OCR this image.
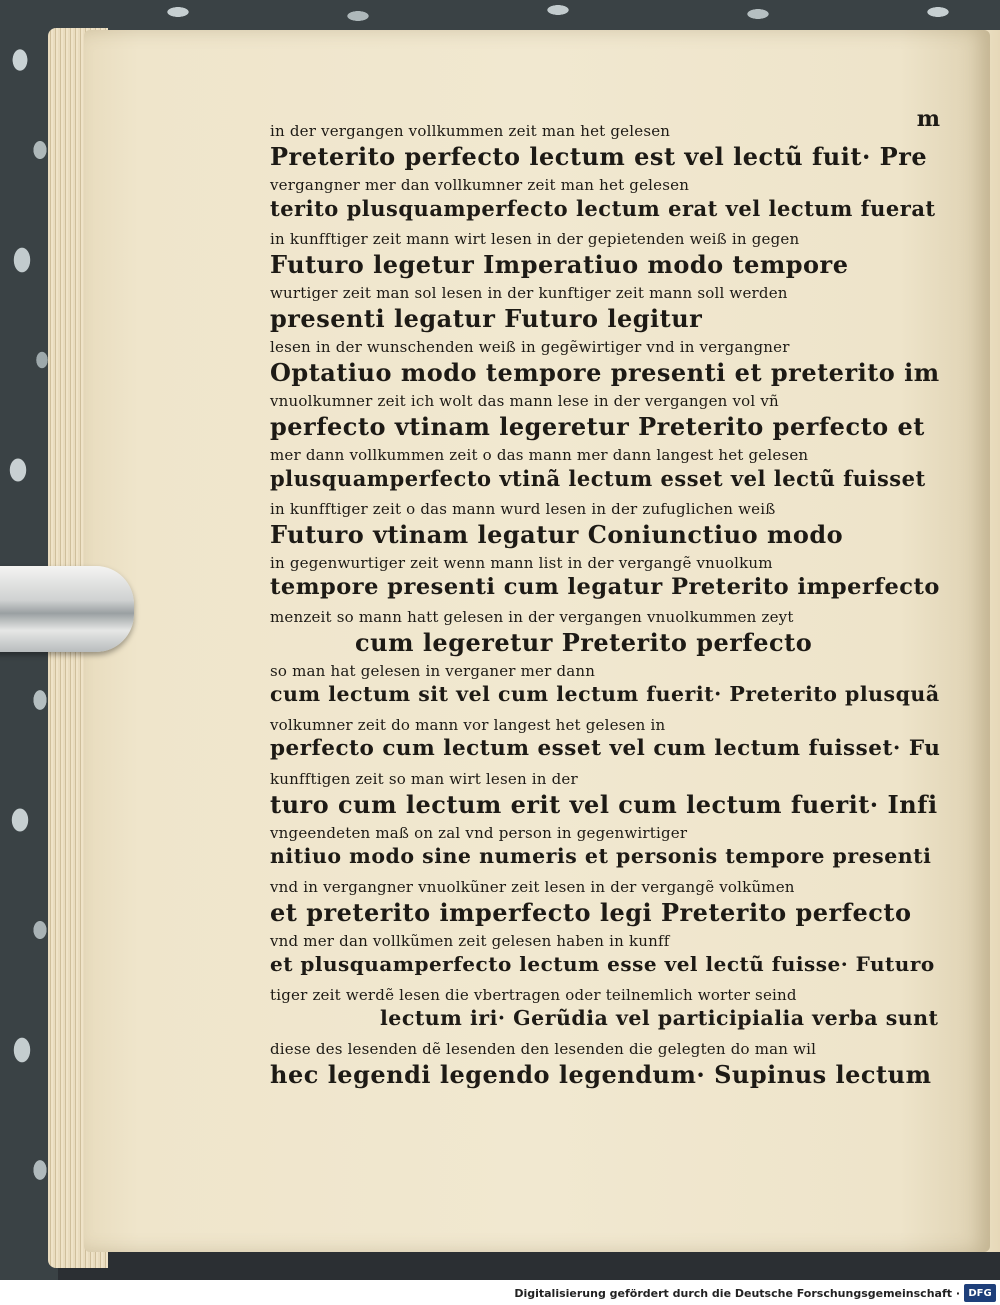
m

in der vergangen vollkummen zeit man het gelesen

Preterito perfecto lectum est vel lectũ fuit· Pre

vergangner mer dan vollkumner zeit man het gelesen

terito plusquamperfecto lectum erat vel lectum fuerat

in kunfftiger zeit mann wirt lesen in der gepietenden weiß in gegen

Futuro legetur Imperatiuo modo tempore

wurtiger zeit man sol lesen in der kunftiger zeit mann soll werden

presenti legatur Futuro legitur

lesen in der wunschenden weiß in gegẽwirtiger vnd in vergangner

Optatiuo modo tempore presenti et preterito im

vnuolkumner zeit ich wolt das mann lese in der vergangen vol vñ

perfecto vtinam legeretur Preterito perfecto et

mer dann vollkummen zeit o das mann mer dann langest het gelesen

plusquamperfecto vtinã lectum esset vel lectũ fuisset

in kunfftiger zeit o das mann wurd lesen in der zufuglichen weiß

Futuro vtinam legatur Coniunctiuo modo

in gegenwurtiger zeit wenn mann list in der vergangẽ vnuolkum

tempore presenti cum legatur Preterito imperfecto

menzeit so mann hatt gelesen in der vergangen vnuolkummen zeyt

cum legeretur Preterito perfecto

so man hat gelesen in verganer mer dann

cum lectum sit vel cum lectum fuerit· Preterito plusquã

volkumner zeit do mann vor langest het gelesen in

perfecto cum lectum esset vel cum lectum fuisset· Fu

kunfftigen zeit so man wirt lesen in der

turo cum lectum erit vel cum lectum fuerit· Infi

vngeendeten maß on zal vnd person in gegenwirtiger

nitiuo modo sine numeris et personis tempore presenti

vnd in vergangner vnuolkũner zeit lesen in der vergangẽ volkũmen

et preterito imperfecto legi Preterito perfecto

vnd mer dan vollkũmen zeit gelesen haben in kunff

et plusquamperfecto lectum esse vel lectũ fuisse· Futuro

tiger zeit werdẽ lesen die vbertragen oder teilnemlich worter seind

lectum iri· Gerũdia vel participialia verba sunt

diese des lesenden dẽ lesenden den lesenden die gelegten do man wil

hec legendi legendo legendum· Supinus lectum

Digitalisierung gefördert durch die Deutsche Forschungsgemeinschaft · DFG
